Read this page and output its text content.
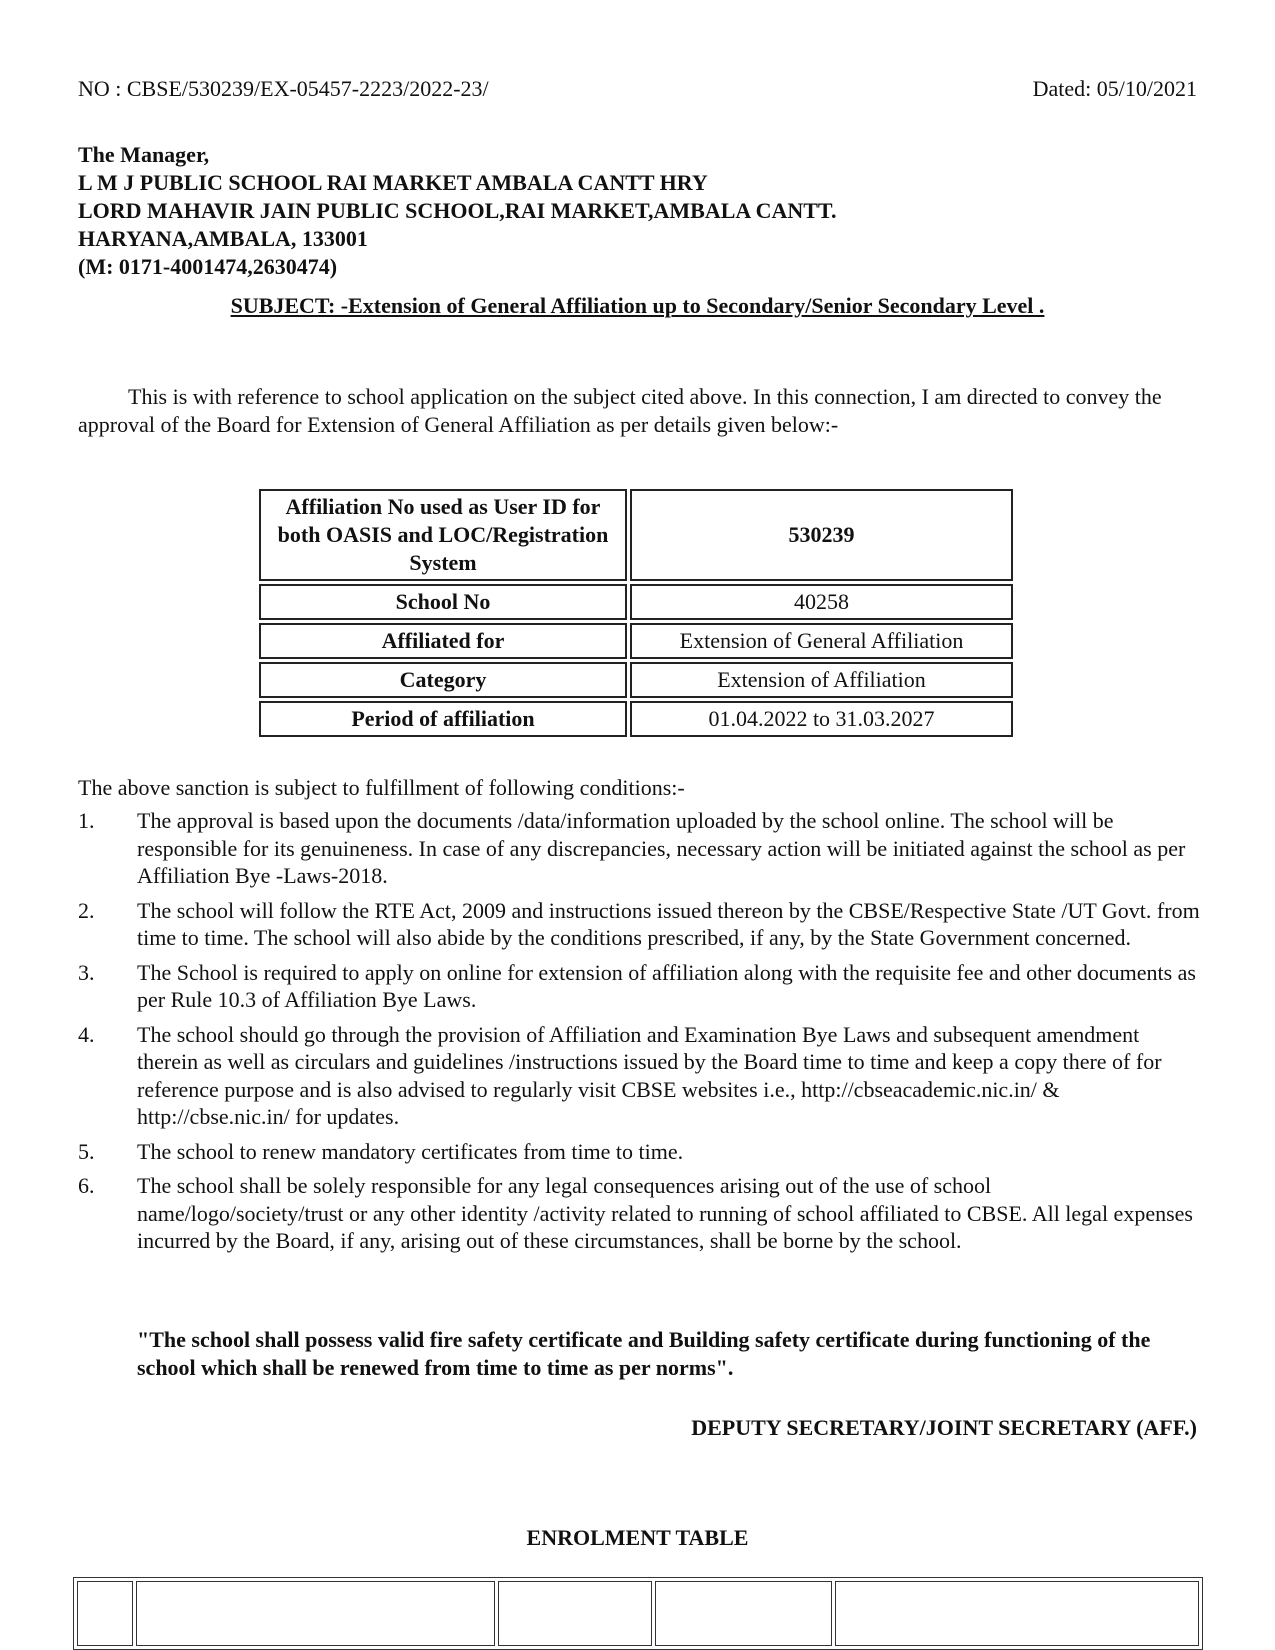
NO : CBSE/530239/EX-05457-2223/2022-23/	Dated: 05/10/2021
The Manager,
L M J PUBLIC SCHOOL RAI MARKET AMBALA CANTT HRY
LORD MAHAVIR JAIN PUBLIC SCHOOL,RAI MARKET,AMBALA CANTT.
HARYANA,AMBALA, 133001
(M: 0171-4001474,2630474)
SUBJECT: -Extension of General Affiliation up to Secondary/Senior Secondary Level .
This is with reference to school application on the subject cited above. In this connection, I am directed to convey the approval of the Board for Extension of General Affiliation as per details given below:-
Affiliation No used as User ID for both OASIS and LOC/Registration System	530239
School No	40258
Affiliated for	Extension of General Affiliation
Category	Extension of Affiliation
Period of affiliation	01.04.2022 to 31.03.2027
The above sanction is subject to fulfillment of following conditions:-
1. The approval is based upon the documents /data/information uploaded by the school online. The school will be responsible for its genuineness. In case of any discrepancies, necessary action will be initiated against the school as per Affiliation Bye -Laws-2018.
2. The school will follow the RTE Act, 2009 and instructions issued thereon by the CBSE/Respective State /UT Govt. from time to time. The school will also abide by the conditions prescribed, if any, by the State Government concerned.
3. The School is required to apply on online for extension of affiliation along with the requisite fee and other documents as per Rule 10.3 of Affiliation Bye Laws.
4. The school should go through the provision of Affiliation and Examination Bye Laws and subsequent amendment therein as well as circulars and guidelines /instructions issued by the Board time to time and keep a copy there of for reference purpose and is also advised to regularly visit CBSE websites i.e., http://cbseacademic.nic.in/ & http://cbse.nic.in/ for updates.
5. The school to renew mandatory certificates from time to time.
6. The school shall be solely responsible for any legal consequences arising out of the use of school name/logo/society/trust or any other identity /activity related to running of school affiliated to CBSE. All legal expenses incurred by the Board, if any, arising out of these circumstances, shall be borne by the school.
"The school shall possess valid fire safety certificate and Building safety certificate during functioning of the school which shall be renewed from time to time as per norms".
DEPUTY SECRETARY/JOINT SECRETARY (AFF.)
ENROLMENT TABLE
